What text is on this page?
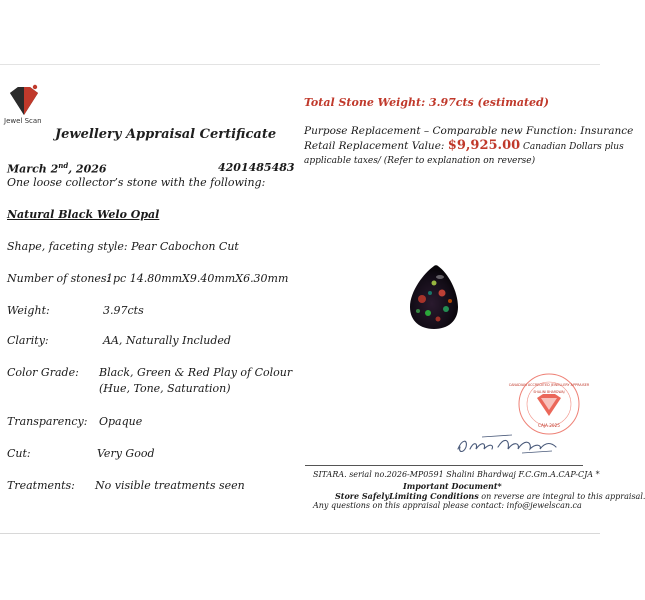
Jewel Scan
Jewellery Appraisal Certificate
March 2nd, 2026	4201485483
One loose collector’s stone with the following:
Natural Black Welo Opal
Shape, faceting style: Pear Cabochon Cut
Number of stones:
1pc 14.80mmX9.40mmX6.30mm
Weight:	3.97cts
Clarity:	AA, Naturally Included
Color Grade: Black, Green & Red Play of Colour
(Hue, Tone, Saturation)
Transparency: Opaque
Cut:	Very Good
Treatments: No visible treatments seen
Total Stone Weight: 3.97cts (estimated)
Purpose Replacement – Comparable new Function: Insurance
Retail Replacement Value: $9,925.00 Canadian Dollars plus
applicable taxes/ (Refer to explanation on reverse)
CANADIAN ACCREDITED JEWELLERY APPRAISER
SHALINI BHARDWAJ
CAJA 2025
SITARA. serial no.2026-MP0591 Shalini Bhardwaj F.C.Gm.A.CAP-CJA *
Important Document*
Store SafelyLimiting Conditions on reverse are integral to this appraisal.
Any questions on this appraisal please contact: info@jewelscan.ca
